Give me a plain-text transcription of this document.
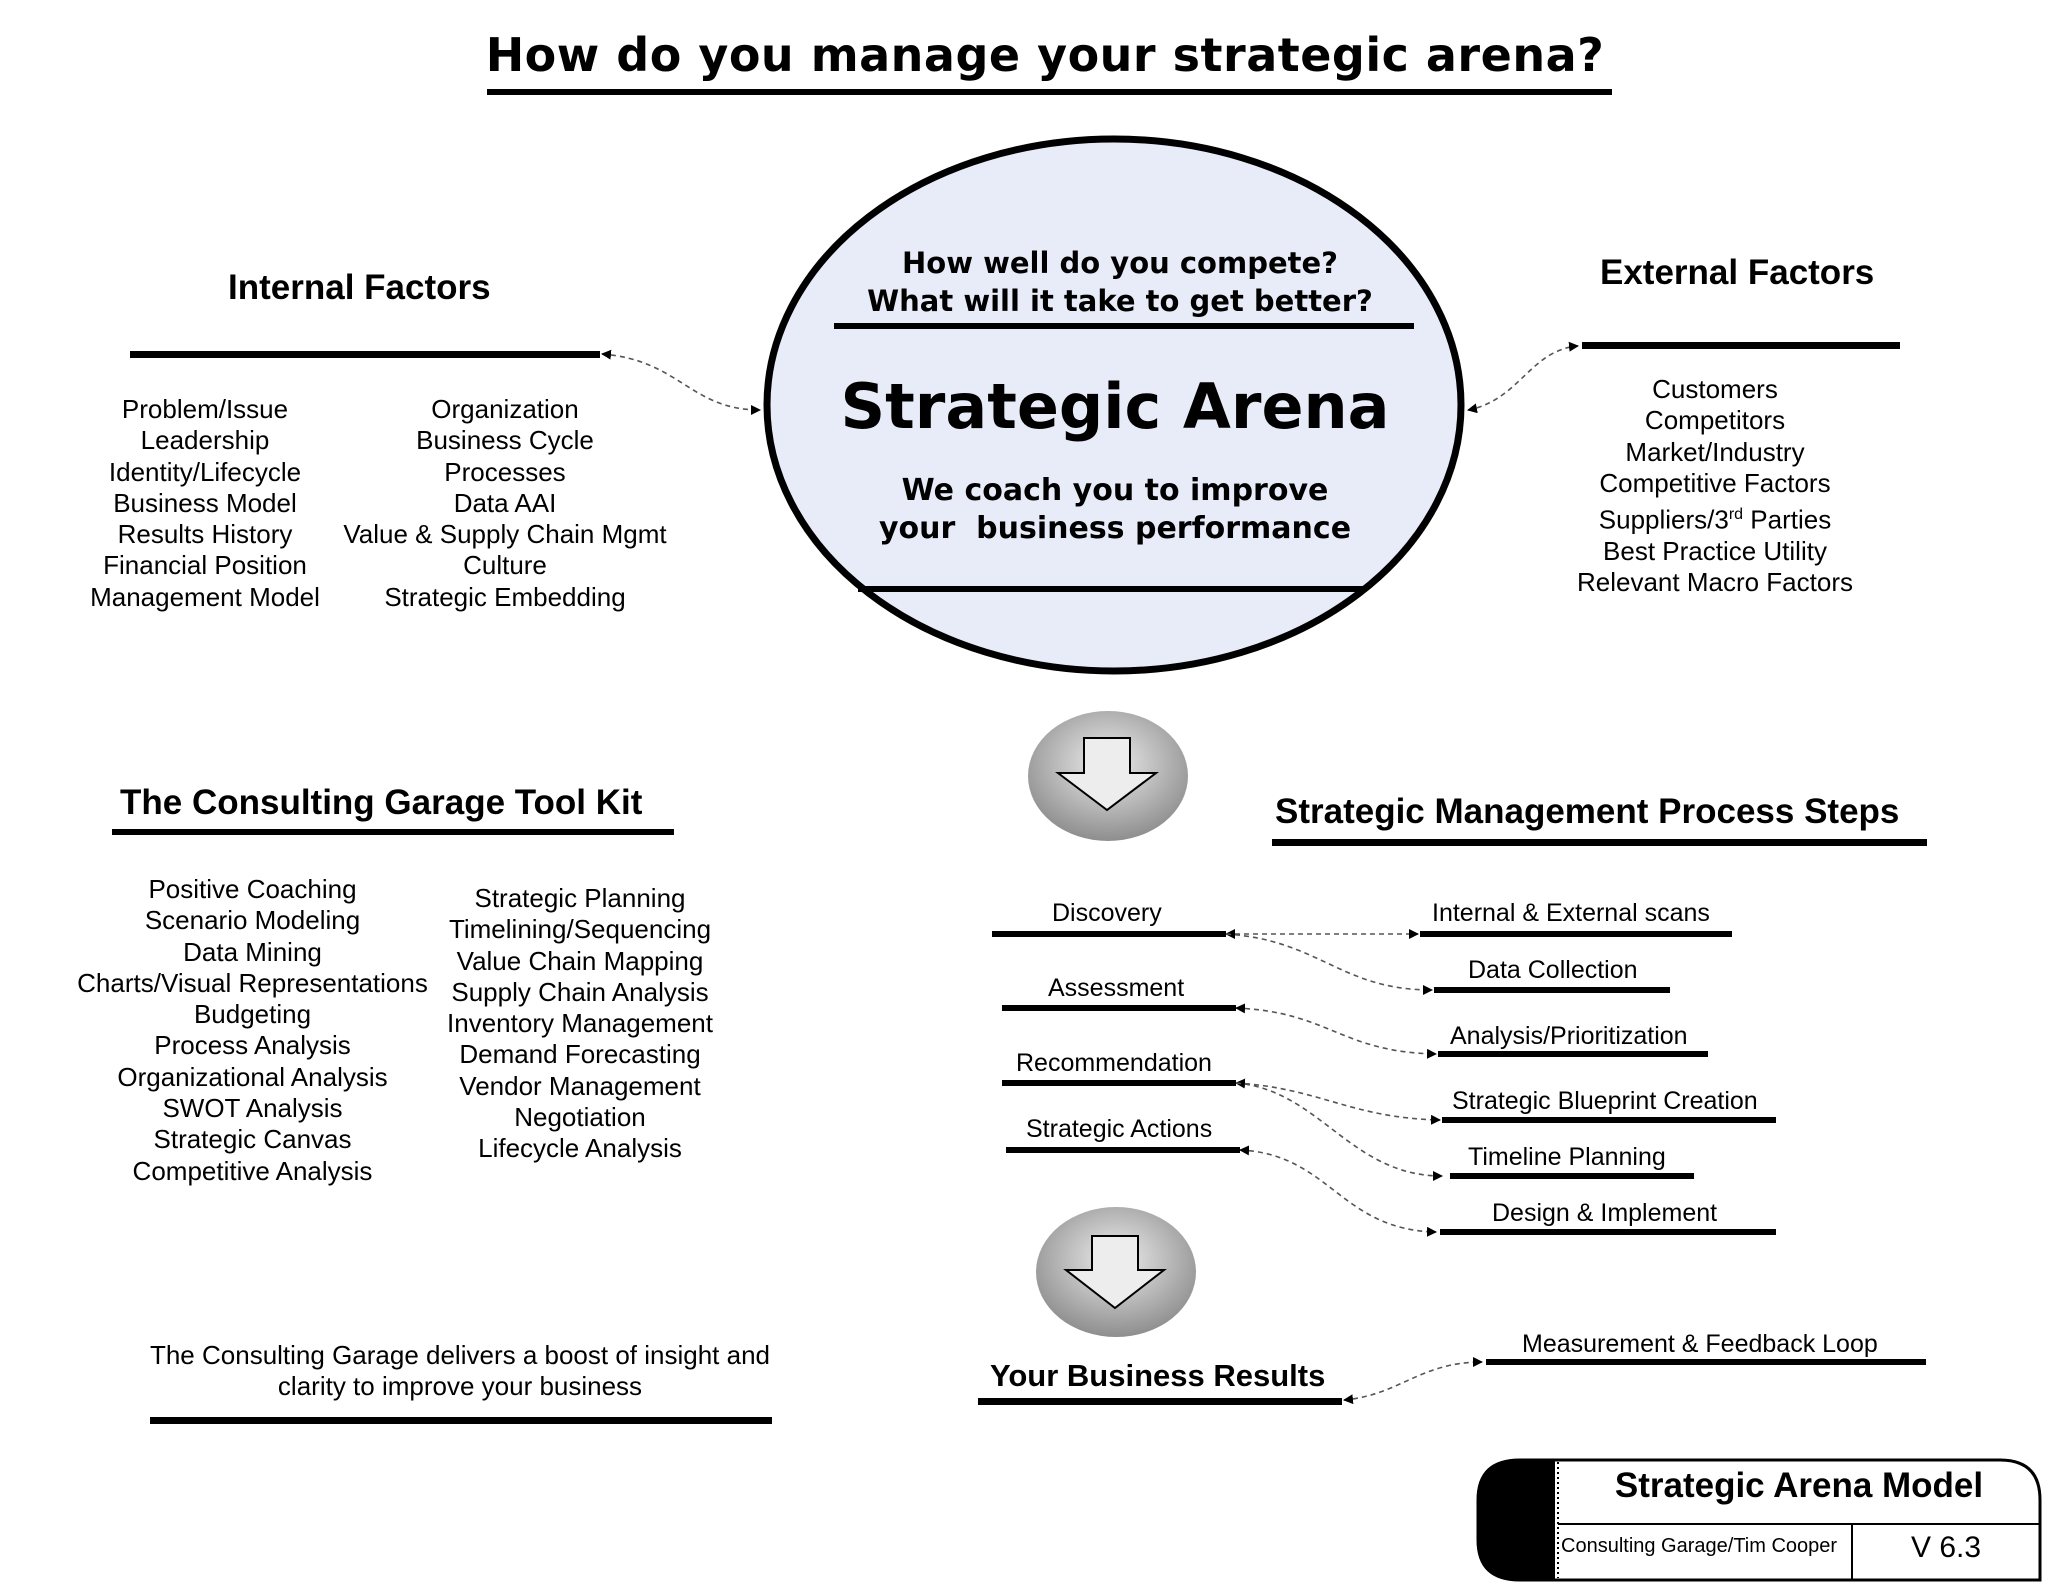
How do you manage your strategic arena?
How well do you compete?
What will it take to get better?
Strategic Arena
We coach you to improve
your  business performance
Internal Factors
Problem/Issue
Leadership
Identity/Lifecycle
Business Model
Results History
Financial Position
Management Model
Organization
Business Cycle
Processes
Data AAI
Value & Supply Chain Mgmt
Culture
Strategic Embedding
External Factors
Customers
Competitors
Market/Industry
Competitive Factors
Suppliers/3rd Parties
Best Practice Utility
Relevant Macro Factors
The Consulting Garage Tool Kit
Positive Coaching
Scenario Modeling
Data Mining
Charts/Visual Representations
Budgeting
Process Analysis
Organizational Analysis
SWOT Analysis
Strategic Canvas
Competitive Analysis
Strategic Planning
Timelining/Sequencing
Value Chain Mapping
Supply Chain Analysis
Inventory Management
Demand Forecasting
Vendor Management
Negotiation
Lifecycle Analysis
Strategic Management Process Steps
Discovery
Assessment
Recommendation
Strategic Actions
Internal & External scans
Data Collection
Analysis/Prioritization
Strategic Blueprint Creation
Timeline Planning
Design & Implement
Your Business Results
Measurement & Feedback Loop
The Consulting Garage delivers a boost of insight and
clarity to improve your business
Strategic Arena Model
Consulting Garage/Tim Cooper	V 6.3
